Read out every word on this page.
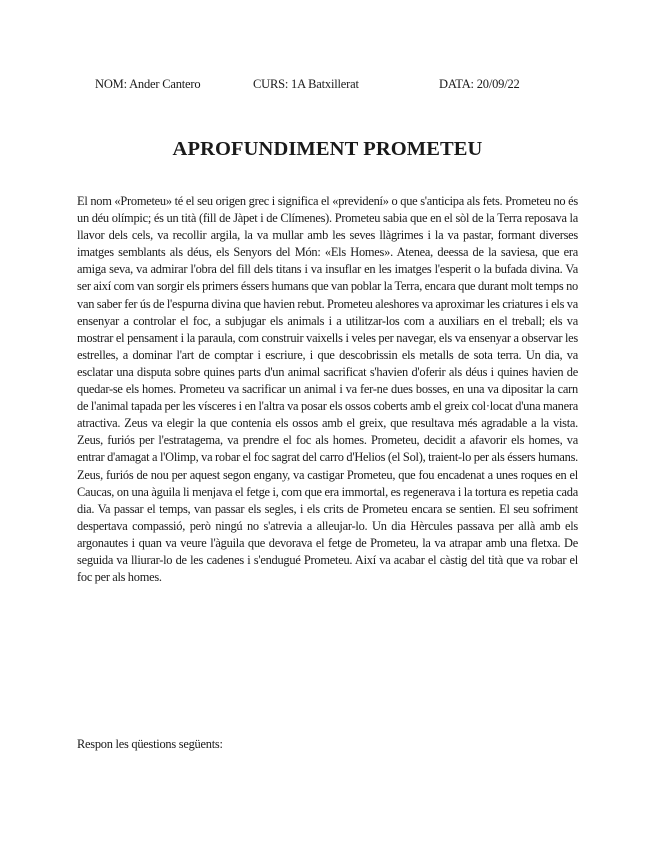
NOM: Ander Cantero	CURS: 1A Batxillerat	DATA: 20/09/22
APROFUNDIMENT PROMETEU

El nom «Prometeu» té el seu origen grec i significa el «previdení» o que s'anticipa als fets. Prometeu no és un déu olímpic; és un tità (fill de Jàpet i de Clímenes). Prometeu sabia que en el sòl de la Terra reposava la llavor dels cels, va recollir argila, la va mullar amb les seves llàgrimes i la va pastar, formant diverses imatges semblants als déus, els Senyors del Món: «Els Homes». Atenea, deessa de la saviesa, que era amiga seva, va admirar l'obra del fill dels titans i va insuflar en les imatges l'esperit o la bufada divina. Va ser així com van sorgir els primers éssers humans que van poblar la Terra, encara que durant molt temps no van saber fer ús de l'espurna divina que havien rebut. Prometeu aleshores va aproximar les criatures i els va ensenyar a controlar el foc, a subjugar els animals i a utilitzar-los com a auxiliars en el treball; els va mostrar el pensament i la paraula, com construir vaixells i veles per navegar, els va ensenyar a observar les estrelles, a dominar l'art de comptar i escriure, i que descobrissin els metalls de sota terra. Un dia, va esclatar una disputa sobre quines parts d'un animal sacrificat s'havien d'oferir als déus i quines havien de quedar-se els homes. Prometeu va sacrificar un animal i va fer-ne dues bosses, en una va dipositar la carn de l'animal tapada per les vísceres i en l'altra va posar els ossos coberts amb el greix col·locat d'una manera atractiva. Zeus va elegir la que contenia els ossos amb el greix, que resultava més agradable a la vista. Zeus, furiós per l'estratagema, va prendre el foc als homes. Prometeu, decidit a afavorir els homes, va entrar d'amagat a l'Olimp, va robar el foc sagrat del carro d'Helios (el Sol), traient-lo per als éssers humans. Zeus, furiós de nou per aquest segon engany, va castigar Prometeu, que fou encadenat a unes roques en el Caucas, on una àguila li menjava el fetge i, com que era immortal, es regenerava i la tortura es repetia cada dia. Va passar el temps, van passar els segles, i els crits de Prometeu encara se sentien. El seu sofriment despertava compassió, però ningú no s'atrevia a alleujar-lo. Un dia Hèrcules passava per allà amb els argonautes i quan va veure l'àguila que devorava el fetge de Prometeu, la va atrapar amb una fletxa. De seguida va lliurar-lo de les cadenes i s'endugué Prometeu. Així va acabar el càstig del tità que va robar el foc per als homes.

Respon les qüestions següents:
